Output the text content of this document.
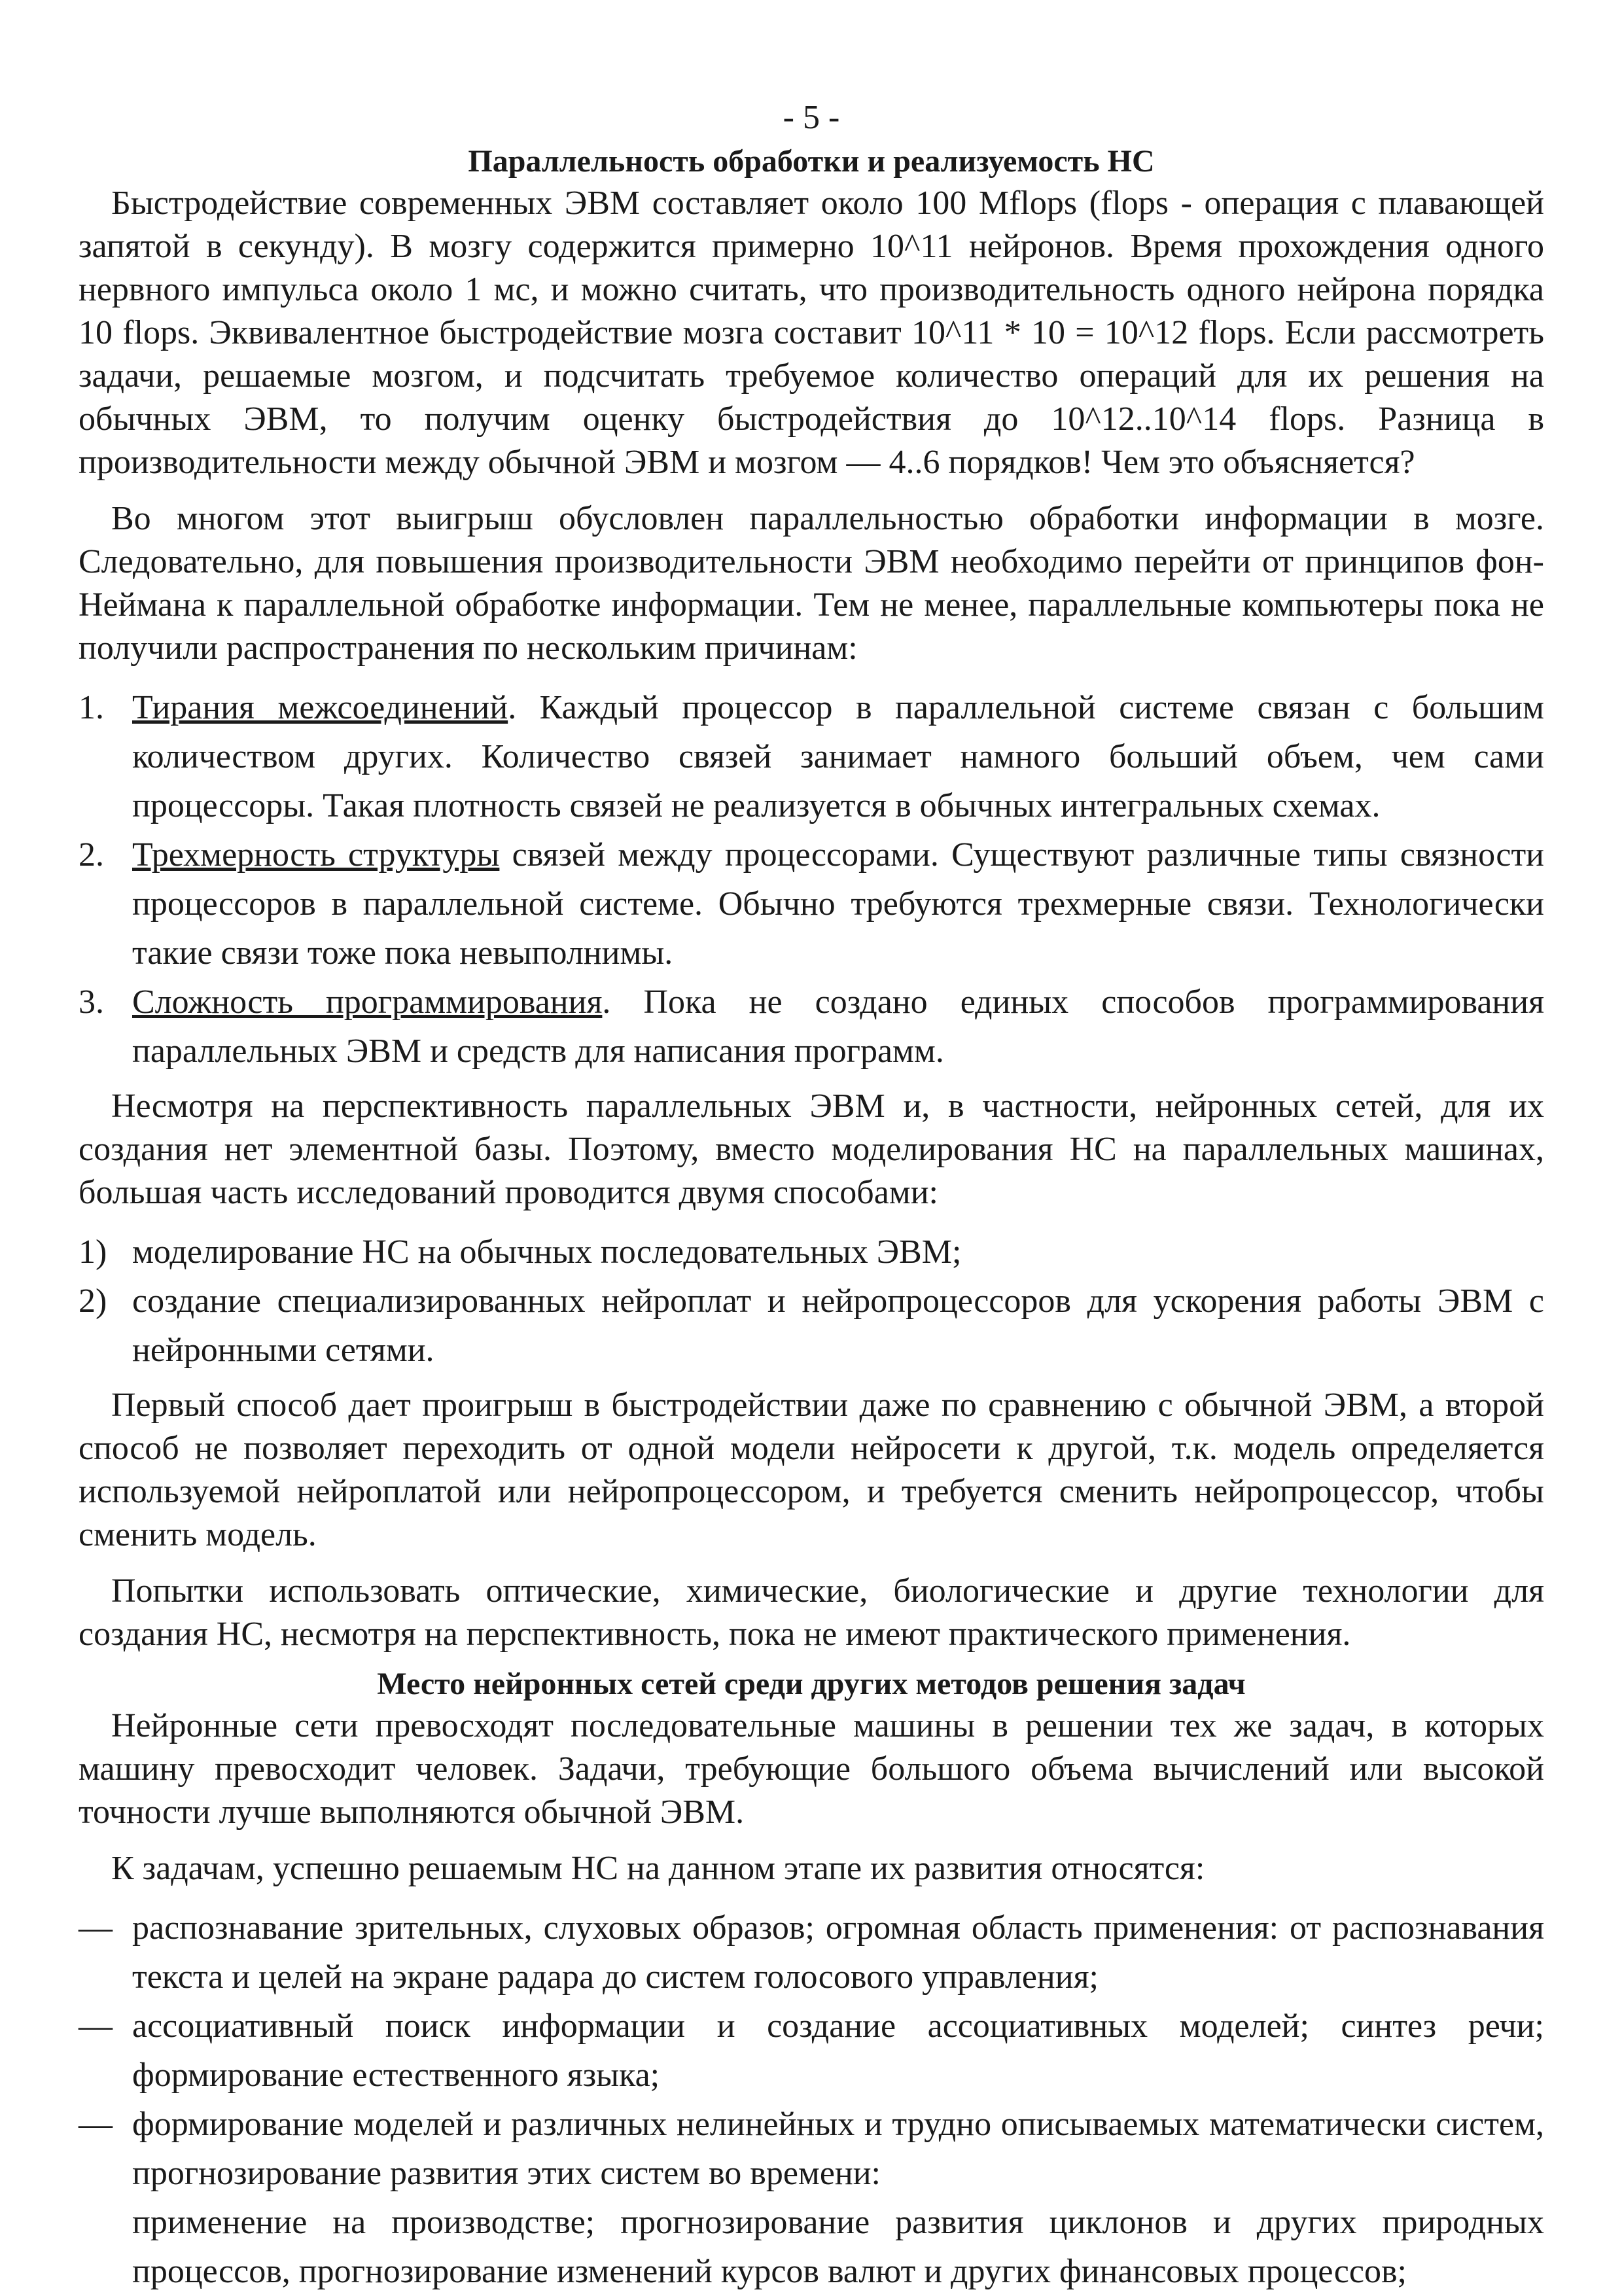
- 5 -
Параллельность обработки и реализуемость НС

Быстродействие современных ЭВМ составляет около 100 Mflops (flops - операция с плавающей запятой в секунду). В мозгу содержится примерно 10^11 нейронов. Время прохождения одного нервного импульса около 1 мс, и можно считать, что производительность одного нейрона порядка 10 flops. Эквивалентное быстродействие мозга составит 10^11 * 10 = 10^12 flops. Если рассмотреть задачи, решаемые мозгом, и подсчитать требуемое количество операций для их решения на обычных ЭВМ, то получим оценку быстродействия до 10^12..10^14 flops. Разница в производительности между обычной ЭВМ и мозгом — 4..6 порядков! Чем это объясняется?

Во многом этот выигрыш обусловлен параллельностью обработки информации в мозге. Следовательно, для повышения производительности ЭВМ необходимо перейти от принципов фон-Неймана к параллельной обработке информации. Тем не менее, параллельные компьютеры пока не получили распространения по нескольким причинам:

1. Тирания межсоединений. Каждый процессор в параллельной системе связан с большим количеством других. Количество связей занимает намного больший объем, чем сами процессоры. Такая плотность связей не реализуется в обычных интегральных схемах.
2. Трехмерность структуры связей между процессорами. Существуют различные типы связности процессоров в параллельной системе. Обычно требуются трехмерные связи. Технологически такие связи тоже пока невыполнимы.
3. Сложность программирования. Пока не создано единых способов программирования параллельных ЭВМ и средств для написания программ.

Несмотря на перспективность параллельных ЭВМ и, в частности, нейронных сетей, для их создания нет элементной базы. Поэтому, вместо моделирования НС на параллельных машинах, большая часть исследований проводится двумя способами:

1) моделирование НС на обычных последовательных ЭВМ;
2) создание специализированных нейроплат и нейропроцессоров для ускорения работы ЭВМ с нейронными сетями.

Первый способ дает проигрыш в быстродействии даже по сравнению с обычной ЭВМ, а второй способ не позволяет переходить от одной модели нейросети к другой, т.к. модель определяется используемой нейроплатой или нейропроцессором, и требуется сменить нейропроцессор, чтобы сменить модель.

Попытки использовать оптические, химические, биологические и другие технологии для создания НС, несмотря на перспективность, пока не имеют практического применения.

Место нейронных сетей среди других методов решения задач

Нейронные сети превосходят последовательные машины в решении тех же задач, в которых машину превосходит человек. Задачи, требующие большого объема вычислений или высокой точности лучше выполняются обычной ЭВМ.

К задачам, успешно решаемым НС на данном этапе их развития относятся:

— распознавание зрительных, слуховых образов; огромная область применения: от распознавания текста и целей на экране радара до систем голосового управления;
— ассоциативный поиск информации и создание ассоциативных моделей; синтез речи; формирование естественного языка;
— формирование моделей и различных нелинейных и трудно описываемых математически систем, прогнозирование развития этих систем во времени:
применение на производстве; прогнозирование развития циклонов и других природных процессов, прогнозирование изменений курсов валют и других финансовых процессов;
